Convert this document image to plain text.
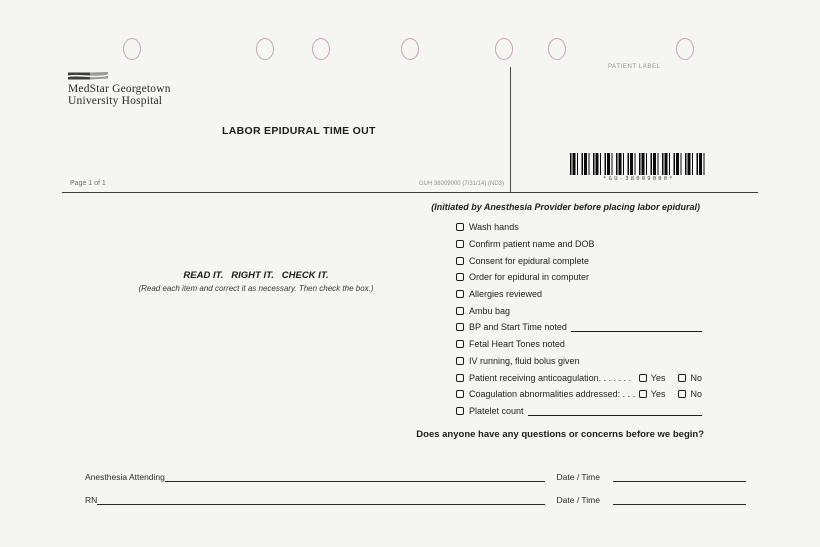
MedStar Georgetown
University Hospital
PATIENT LABEL
LABOR EPIDURAL TIME OUT
*GU-38009000*
Page 1 of 1	GUH 38009000 (7/31/14) (ND3)
(Initiated by Anesthesia Provider before placing labor epidural)
Wash hands
Confirm patient name and DOB
Consent for epidural complete
Order for epidural in computer
Allergies reviewed
Ambu bag
BP and Start Time noted
Fetal Heart Tones noted
IV running, fluid bolus given
Patient receiving anticoagulation . . . . . . . Yes	No
Coagulation abnormalities addressed: . . . Yes	No
Platelet count
READ IT.   RIGHT IT.   CHECK IT.
(Read each item and correct it as necessary. Then check the box.)
Does anyone have any questions or concerns before we begin?
Anesthesia Attending	Date / Time
RN	Date / Time
